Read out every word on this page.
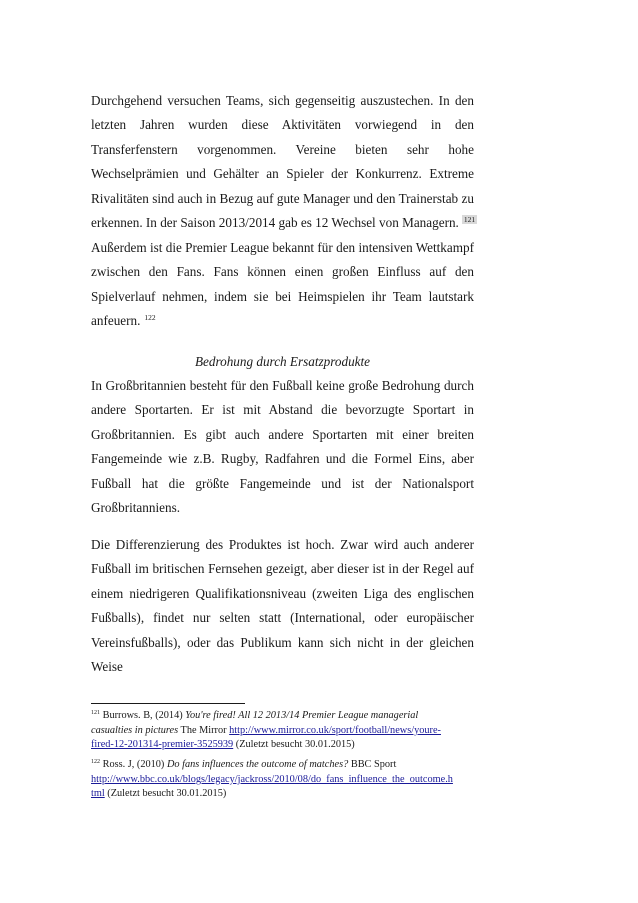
Durchgehend versuchen Teams, sich gegenseitig auszustechen. In den
letzten Jahren wurden diese Aktivitäten vorwiegend in den
Transferfenstern vorgenommen. Vereine bieten sehr hohe
Wechselprämien und Gehälter an Spieler der Konkurrenz. Extreme
Rivalitäten sind auch in Bezug auf gute Manager und den Trainerstab zu
erkennen. In der Saison 2013/2014 gab es 12 Wechsel von Managern. $^{121}$
Außerdem ist die Premier League bekannt für den intensiven Wettkampf
zwischen den Fans. Fans können einen großen Einfluss auf den
Spielverlauf nehmen, indem sie bei Heimspielen ihr Team lautstark
anfeuern. $^{122}$
Bedrohung durch Ersatzprodukte
In Großbritannien besteht für den Fußball keine große Bedrohung durch
andere Sportarten. Er ist mit Abstand die bevorzugte Sportart in
Großbritannien. Es gibt auch andere Sportarten mit einer breiten
Fangemeinde wie z.B. Rugby, Radfahren und die Formel Eins, aber
Fußball hat die größte Fangemeinde und ist der Nationalsport
Großbritanniens.
Die Differenzierung des Produktes ist hoch. Zwar wird auch anderer
Fußball im britischen Fernsehen gezeigt, aber dieser ist in der Regel auf
einem niedrigeren Qualifikationsniveau (zweiten Liga des englischen
Fußballs), findet nur selten statt (International, oder europäischer
Vereinsfußballs), oder das Publikum kann sich nicht in der gleichen Weise
$^{121}$ Burrows. B, (2014) You're fired! All 12 2013/14 Premier League managerial
casualties in pictures The Mirror http://www.mirror.co.uk/sport/football/news/youre-
fired-12-201314-premier-3525939 (Zuletzt besucht 30.01.2015)
$^{122}$ Ross. J, (2010) Do fans influences the outcome of matches? BBC Sport
http://www.bbc.co.uk/blogs/legacy/jackross/2010/08/do_fans_influence_the_outcome.h
tml (Zuletzt besucht 30.01.2015)
